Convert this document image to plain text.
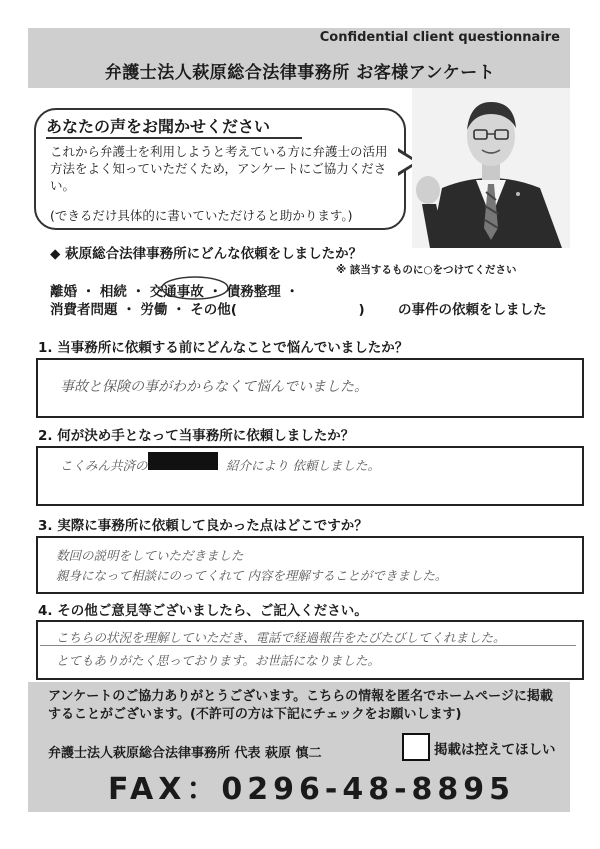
Confidential client questionnaire
弁護士法人萩原総合法律事務所 お客様アンケート
あなたの声をお聞かせください
これから弁護士を利用しようと考えている方に弁護士の活用方法をよく知っていただくため，アンケートにご協力ください。
(できるだけ具体的に書いていただけると助かります。)
◆ 萩原総合法律事務所にどんな依頼をしましたか？
※ 該当するものに○をつけてください
離婚 ・ 相続 ・ 交通事故 ・ 債務整理 ・
消費者問題 ・ 労働 ・ その他(　　　　　　　　　) の事件の依頼をしました
1. 当事務所に依頼する前にどんなことで悩んでいましたか？
事故と保険の事がわからなくて悩んでいました。
2. 何が決め手となって当事務所に依頼しましたか？
こくみん共済の	紹介により 依頼しました。
3. 実際に事務所に依頼して良かった点はどこですか？
数回の説明をしていただきました
親身になって相談にのってくれて 内容を理解することができました。
4. その他ご意見等ございましたら、ご記入ください。
こちらの状況を理解していただき、電話で経過報告をたびたびしてくれました。
とてもありがたく思っております。お世話になりました。
アンケートのご協力ありがとうございます。こちらの情報を匿名でホームページに掲載することがございます。(不許可の方は下記にチェックをお願いします)
弁護士法人萩原総合法律事務所 代表 萩原 慎二	掲載は控えてほしい
FAX：0296-48-8895
